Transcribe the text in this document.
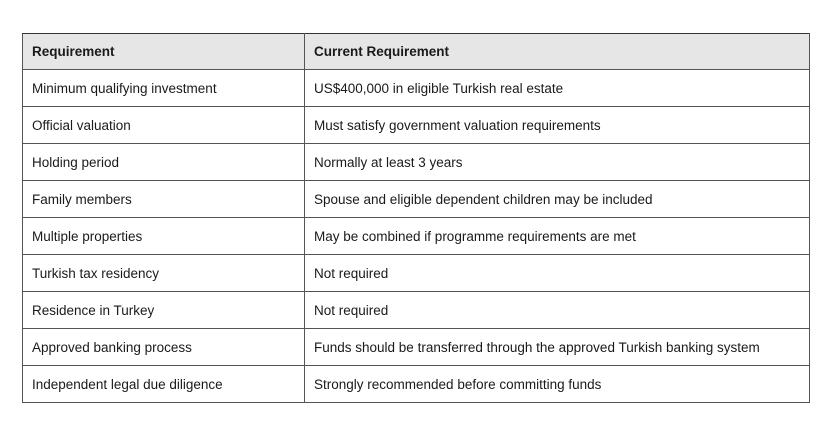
Requirement	Current Requirement
Minimum qualifying investment	US$400,000 in eligible Turkish real estate
Official valuation	Must satisfy government valuation requirements
Holding period	Normally at least 3 years
Family members	Spouse and eligible dependent children may be included
Multiple properties	May be combined if programme requirements are met
Turkish tax residency	Not required
Residence in Turkey	Not required
Approved banking process	Funds should be transferred through the approved Turkish banking system
Independent legal due diligence	Strongly recommended before committing funds
